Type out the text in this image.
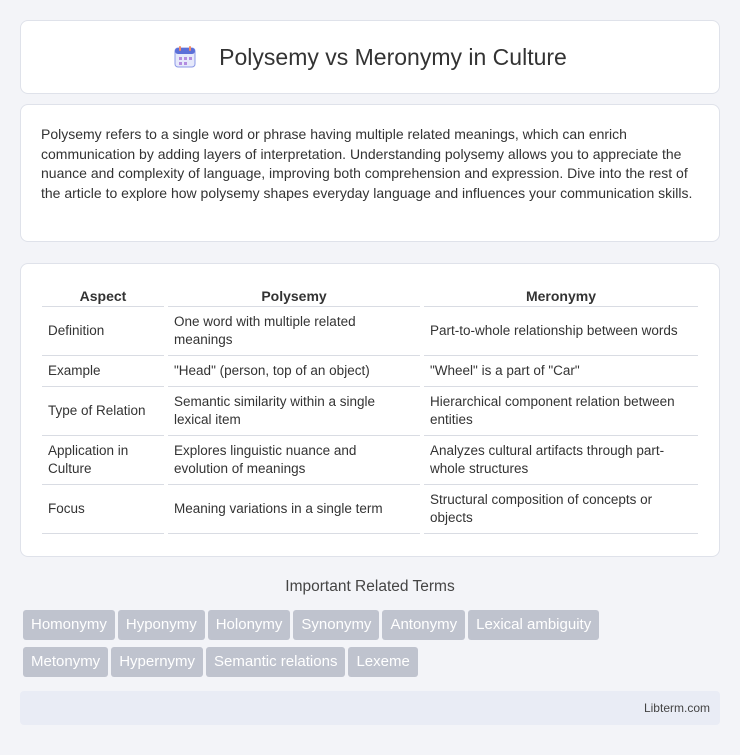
Polysemy vs Meronymy in Culture

Polysemy refers to a single word or phrase having multiple related meanings, which can enrich communication by adding layers of interpretation. Understanding polysemy allows you to appreciate the nuance and complexity of language, improving both comprehension and expression. Dive into the rest of the article to explore how polysemy shapes everyday language and influences your communication skills.

Aspect	Polysemy	Meronymy
Definition	One word with multiple related meanings	Part-to-whole relationship between words
Example	"Head" (person, top of an object)	"Wheel" is a part of "Car"
Type of Relation	Semantic similarity within a single lexical item	Hierarchical component relation between entities
Application in Culture	Explores linguistic nuance and evolution of meanings	Analyzes cultural artifacts through part-whole structures
Focus	Meaning variations in a single term	Structural composition of concepts or objects
Important Related Terms
Homonymy Hyponymy Holonymy Synonymy Antonymy Lexical ambiguity
Metonymy Hypernymy Semantic relations Lexeme
Libterm.com
